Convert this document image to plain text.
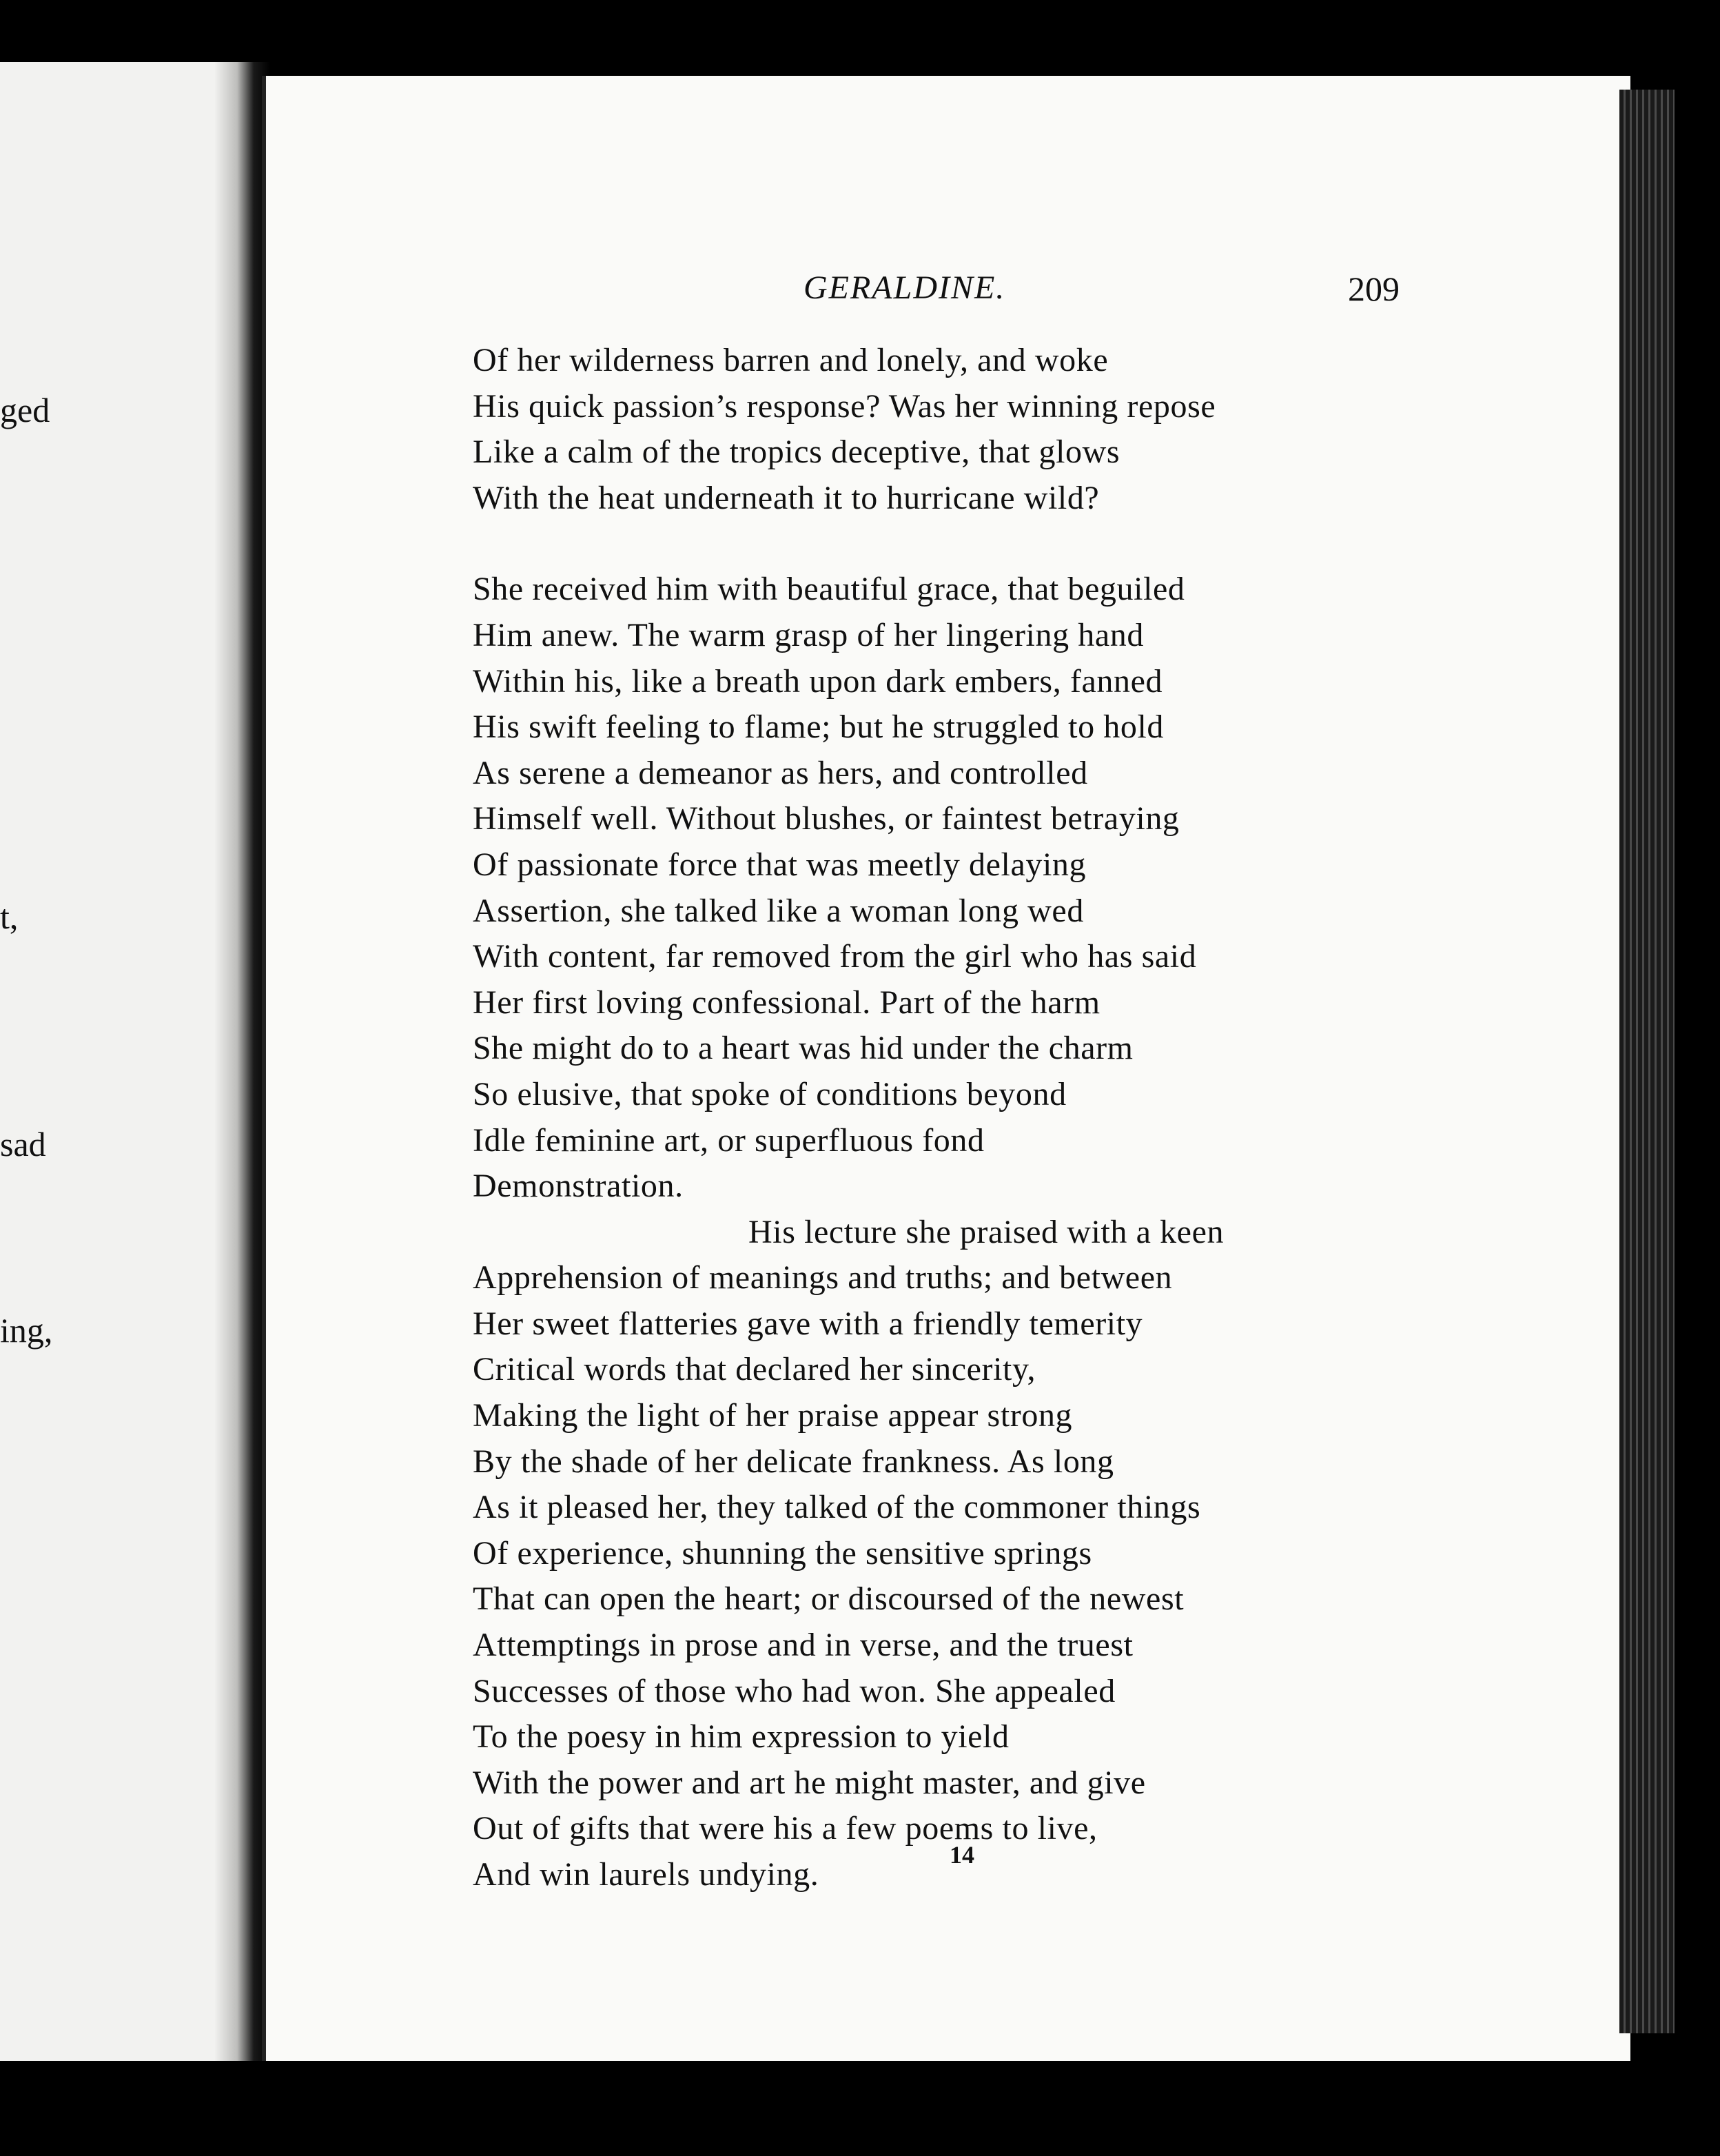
ged
t,
sad
ing,
GERALDINE.	209
Of her wilderness barren and lonely, and woke
His quick passion’s response? Was her winning repose
Like a calm of the tropics deceptive, that glows
With the heat underneath it to hurricane wild?
She received him with beautiful grace, that beguiled
Him anew. The warm grasp of her lingering hand
Within his, like a breath upon dark embers, fanned
His swift feeling to flame; but he struggled to hold
As serene a demeanor as hers, and controlled
Himself well. Without blushes, or faintest betraying
Of passionate force that was meetly delaying
Assertion, she talked like a woman long wed
With content, far removed from the girl who has said
Her first loving confessional. Part of the harm
She might do to a heart was hid under the charm
So elusive, that spoke of conditions beyond
Idle feminine art, or superfluous fond
Demonstration.
His lecture she praised with a keen
Apprehension of meanings and truths; and between
Her sweet flatteries gave with a friendly temerity
Critical words that declared her sincerity,
Making the light of her praise appear strong
By the shade of her delicate frankness. As long
As it pleased her, they talked of the commoner things
Of experience, shunning the sensitive springs
That can open the heart; or discoursed of the newest
Attemptings in prose and in verse, and the truest
Successes of those who had won. She appealed
To the poesy in him expression to yield
With the power and art he might master, and give
Out of gifts that were his a few poems to live,
And win laurels undying.
14
